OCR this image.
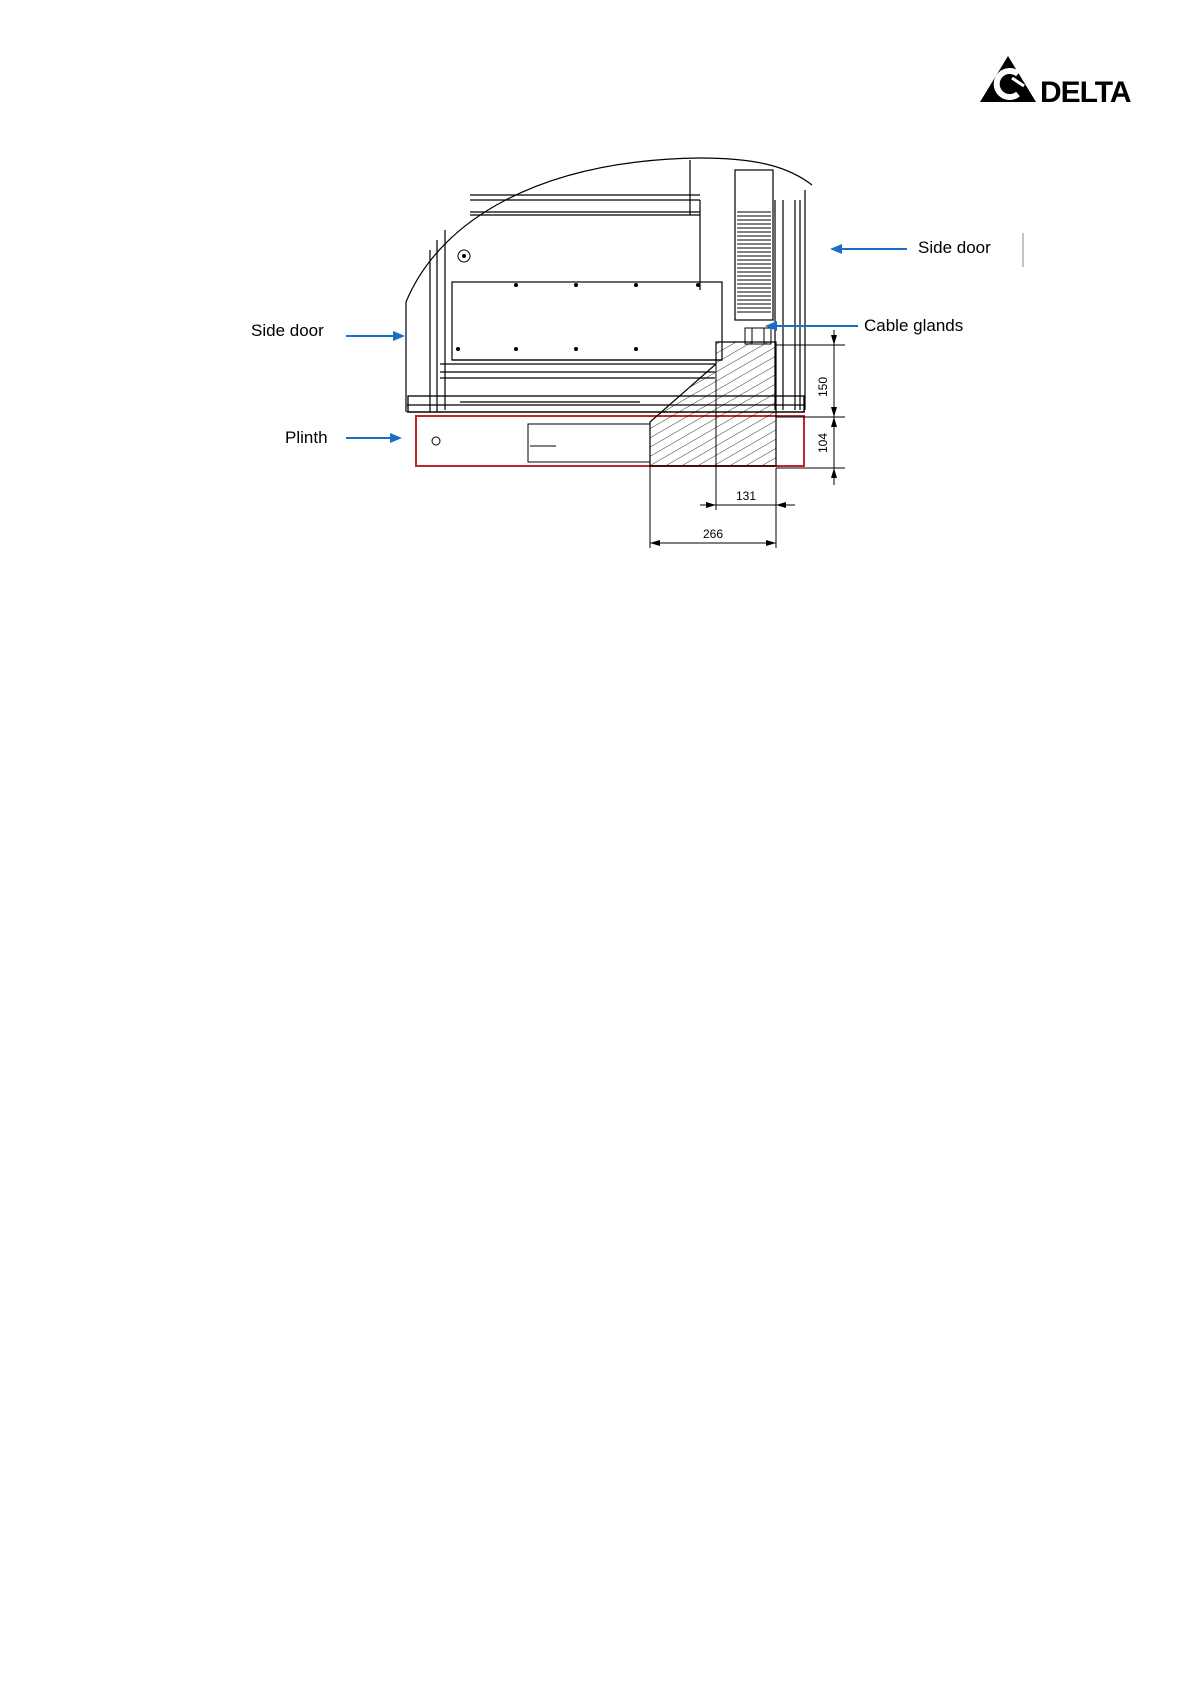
DELTA
150
104
131
266
Side door
Side door	Cable glands
Plinth
